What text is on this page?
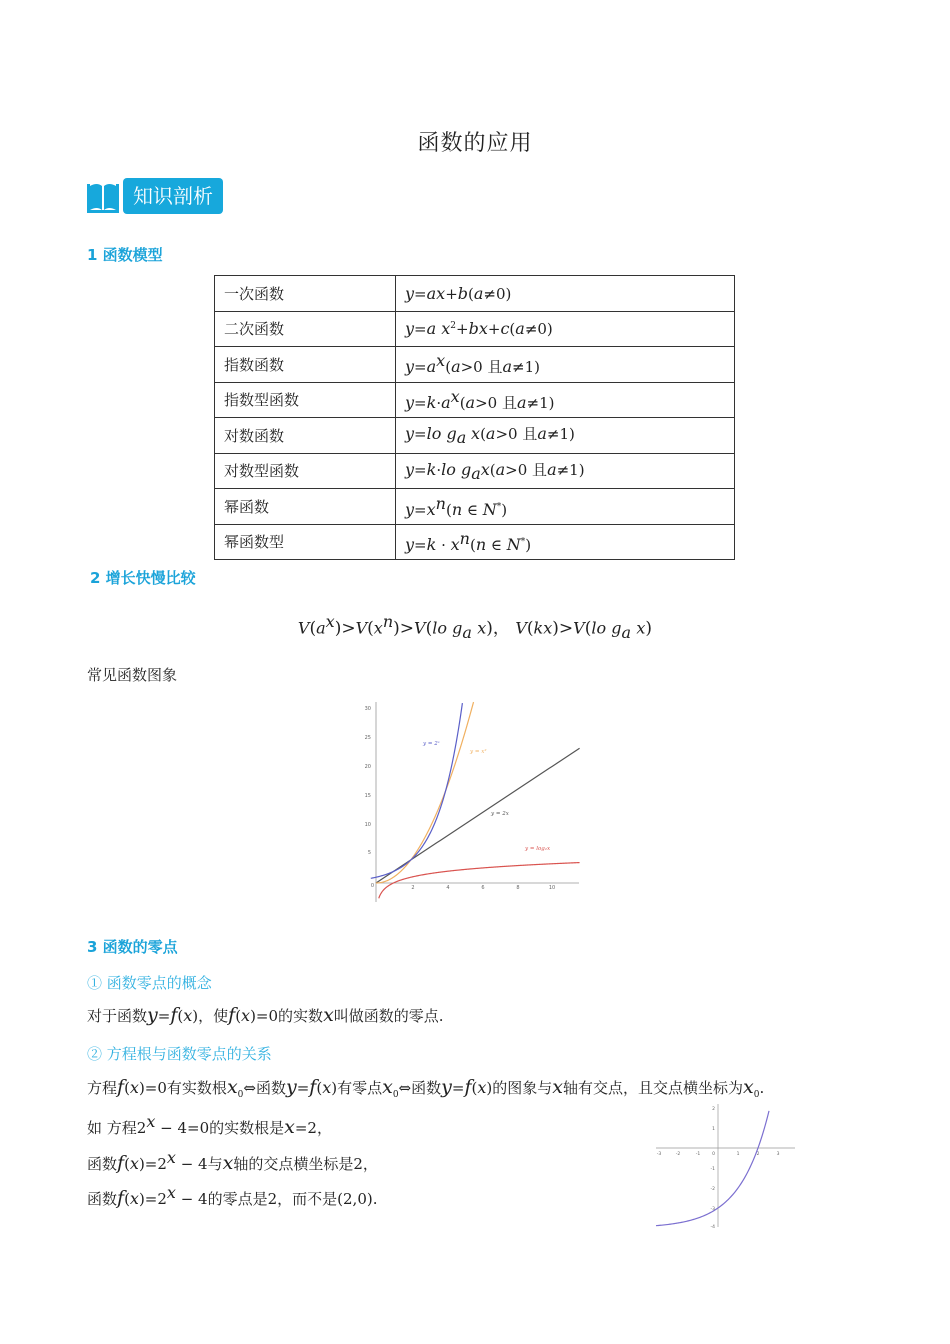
函数的应用
知识剖析
1 函数模型
一次函数	y=ax+b(a≠0)
二次函数	y=a $x^2+bx+c(a\ne 0)$
指数函数	$y=a^x(a>0$ 且a≠1)
指数型函数	$y=k\cdot a^x(a>0$ 且a≠1)
对数函数	y=lo $g_a$ x(a>0 且a≠1)
对数型函数	y=k·lo $g_ax(a>0$ 且a≠1)
幂函数	$y=x^n(n$ ∈ N*)
幂函数型	$y=k \cdot x^n(n$ ∈ N*)
2 增长快慢比较
$V(a^x)>V(x^n)>V(lo$ $g_a$ x)， V(kx)>V(lo $g_a$ x)
常见函数图象
5
10
15
20
25
30
0	2	4	6	8	10
y = 2ˣ
y = x²
y = 2x
y = log₂x
3 函数的零点
① 函数零点的概念
对于函数y=f(x)，使f(x)=0的实数x叫做函数的零点.
② 方程根与函数零点的关系
方程f(x)=0有实数根$x_0\Leftrightarrow$函数y=f(x)有零点$x_0\Leftrightarrow$函数y=f(x)的图象与x轴有交点，且交点横坐标为$x_0$.
如 方程$2^x - 4=0$的实数根是x=2，
函数$f(x)=2^x - 4$与x轴的交点横坐标是2，
函数$f(x)=2^x - 4$的零点是2，而不是(2,0).
-3	-2	-1	0	1	2	3
2
1
-1
-2
-3
-4
